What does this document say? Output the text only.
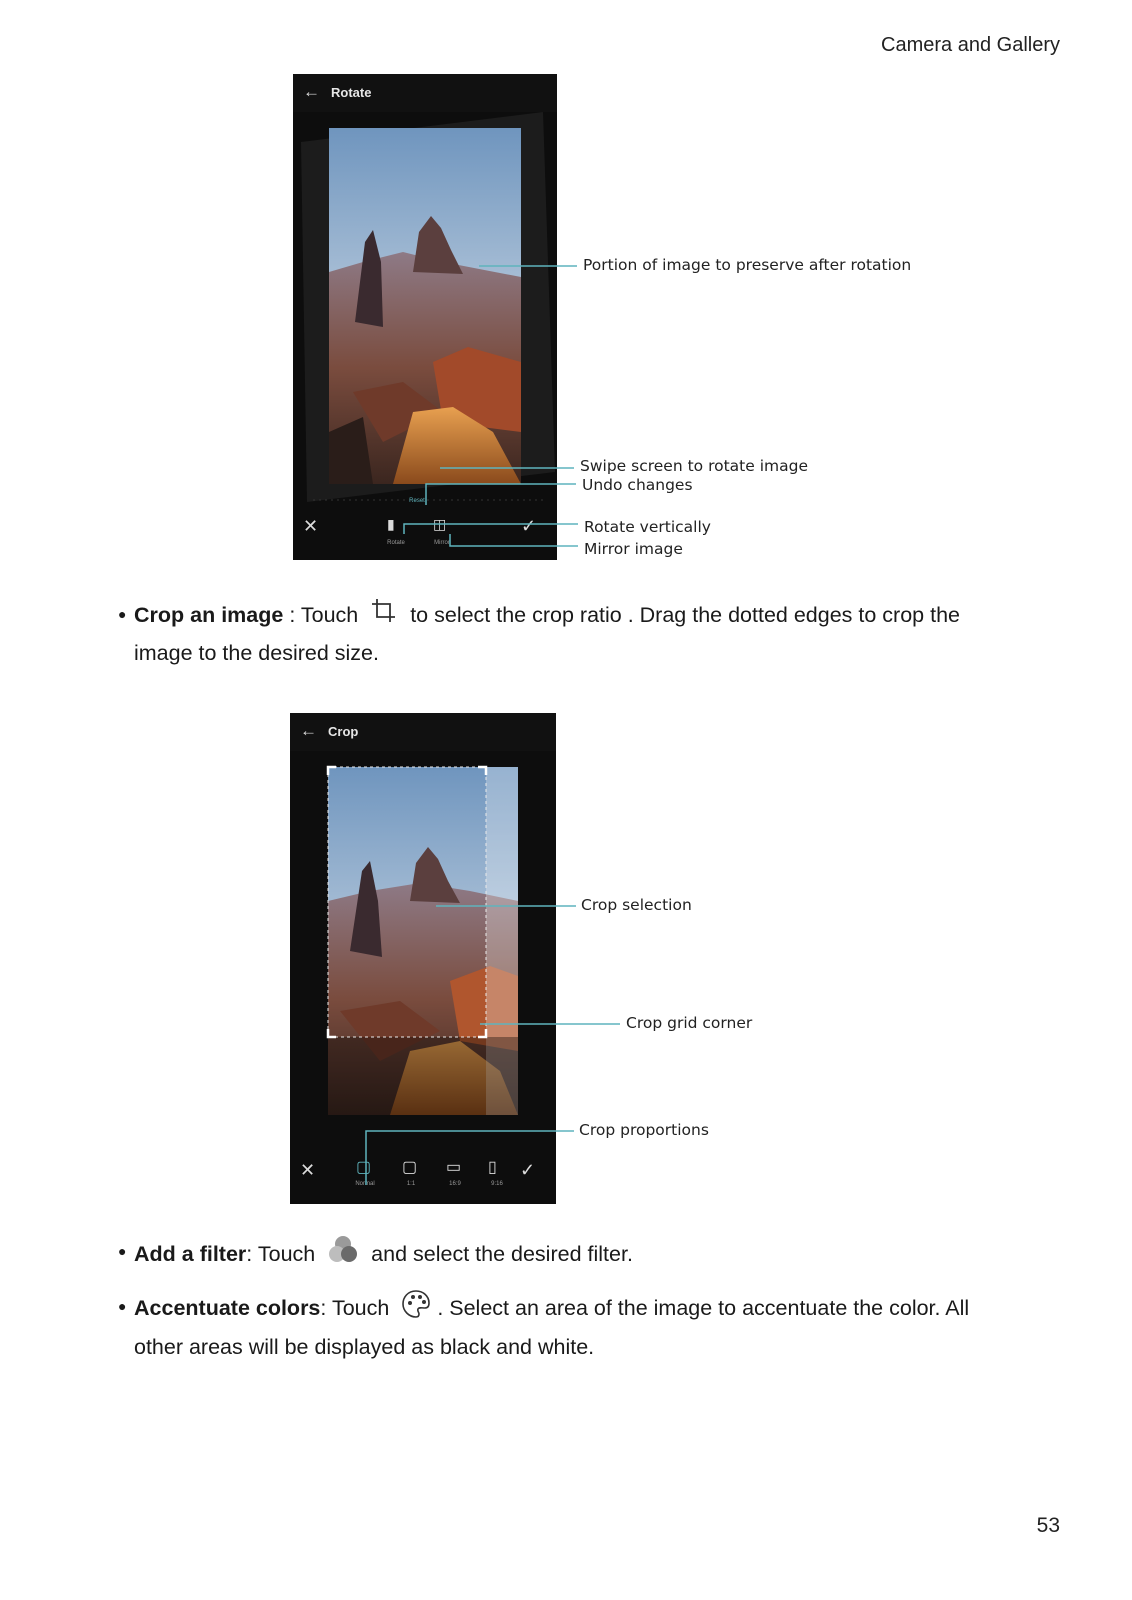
Camera and Gallery
← Rotate
Reset
✕	▮
Rotate
◫
Mirror
✓
Portion of image to preserve after rotation
Swipe screen to rotate image
Undo changes
Rotate vertically
Mirror image
● Crop an image : Touch  to select the crop ratio . Drag the dotted edges to crop the image to the desired size.
← Crop
✕	▢
Normal
▢
1:1
▭
16:9
▯
9:16
✓
Crop selection
Crop grid corner
Crop proportions
● Add a filter: Touch  and select the desired filter.
● Accentuate colors: Touch . Select an area of the image to accentuate the color. All other areas will be displayed as black and white.
53
